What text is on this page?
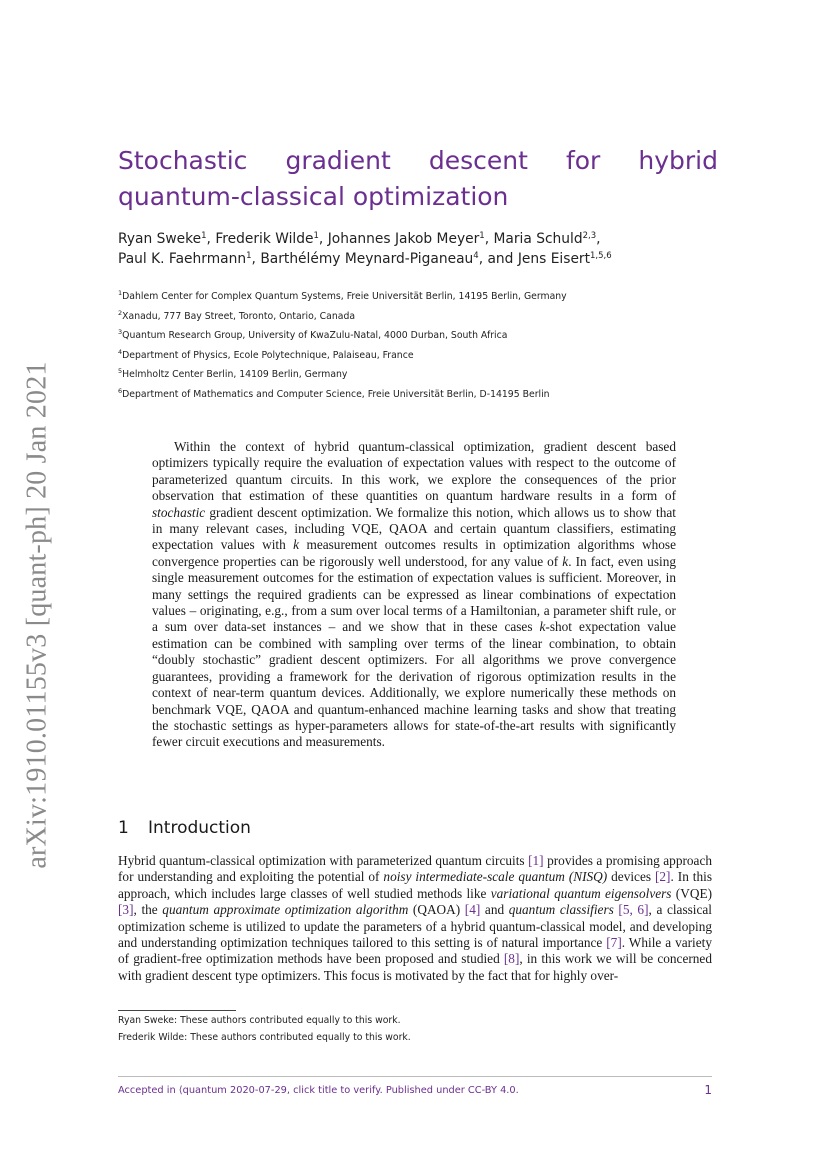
arXiv:1910.01155v3 [quant-ph] 20 Jan 2021
Stochastic gradient descent for hybrid quantum-classical optimization
Ryan Sweke$^1$, Frederik Wilde$^1$, Johannes Jakob Meyer$^1$, Maria Schuld$^{2,3}$,
Paul K. Faehrmann$^1$, Barthélémy Meynard-Piganeau$^4$, and Jens Eisert$^{1,5,6}$
$^1$Dahlem Center for Complex Quantum Systems, Freie Universität Berlin, 14195 Berlin, Germany
$^2$Xanadu, 777 Bay Street, Toronto, Ontario, Canada
$^3$Quantum Research Group, University of KwaZulu-Natal, 4000 Durban, South Africa
$^4$Department of Physics, Ecole Polytechnique, Palaiseau, France
$^5$Helmholtz Center Berlin, 14109 Berlin, Germany
$^6$Department of Mathematics and Computer Science, Freie Universität Berlin, D-14195 Berlin
Within the context of hybrid quantum-classical optimization, gradient descent based optimizers typically require the evaluation of expectation values with respect to the outcome of parameterized quantum circuits. In this work, we explore the consequences of the prior observation that estimation of these quantities on quantum hardware results in a form of stochastic gradient descent optimization. We formalize this notion, which allows us to show that in many relevant cases, including VQE, QAOA and certain quantum classifiers, estimating expectation values with k measurement outcomes results in optimization algorithms whose convergence properties can be rigorously well understood, for any value of k. In fact, even using single measurement outcomes for the estimation of expectation values is sufficient. Moreover, in many settings the required gradients can be expressed as linear combinations of expectation values – originating, e.g., from a sum over local terms of a Hamiltonian, a parameter shift rule, or a sum over data-set instances – and we show that in these cases k-shot expectation value estimation can be combined with sampling over terms of the linear combination, to obtain “doubly stochastic” gradient descent optimizers. For all algorithms we prove convergence guarantees, providing a framework for the derivation of rigorous optimization results in the context of near-term quantum devices. Additionally, we explore numerically these methods on benchmark VQE, QAOA and quantum-enhanced machine learning tasks and show that treating the stochastic settings as hyper-parameters allows for state-of-the-art results with significantly fewer circuit executions and measurements.
1 Introduction
Hybrid quantum-classical optimization with parameterized quantum circuits [1] provides a promising approach for understanding and exploiting the potential of noisy intermediate-scale quantum (NISQ) devices [2]. In this approach, which includes large classes of well studied methods like variational quantum eigensolvers (VQE) [3], the quantum approximate optimization algorithm (QAOA) [4] and quantum classifiers [5, 6], a classical optimization scheme is utilized to update the parameters of a hybrid quantum-classical model, and developing and understanding optimization techniques tailored to this setting is of natural importance [7]. While a variety of gradient-free optimization methods have been proposed and studied [8], in this work we will be concerned with gradient descent type optimizers. This focus is motivated by the fact that for highly over-
Ryan Sweke: These authors contributed equally to this work.
Frederik Wilde: These authors contributed equally to this work.
Accepted in ⟨quantum 2020-07-29, click title to verify. Published under CC-BY 4.0.	1
